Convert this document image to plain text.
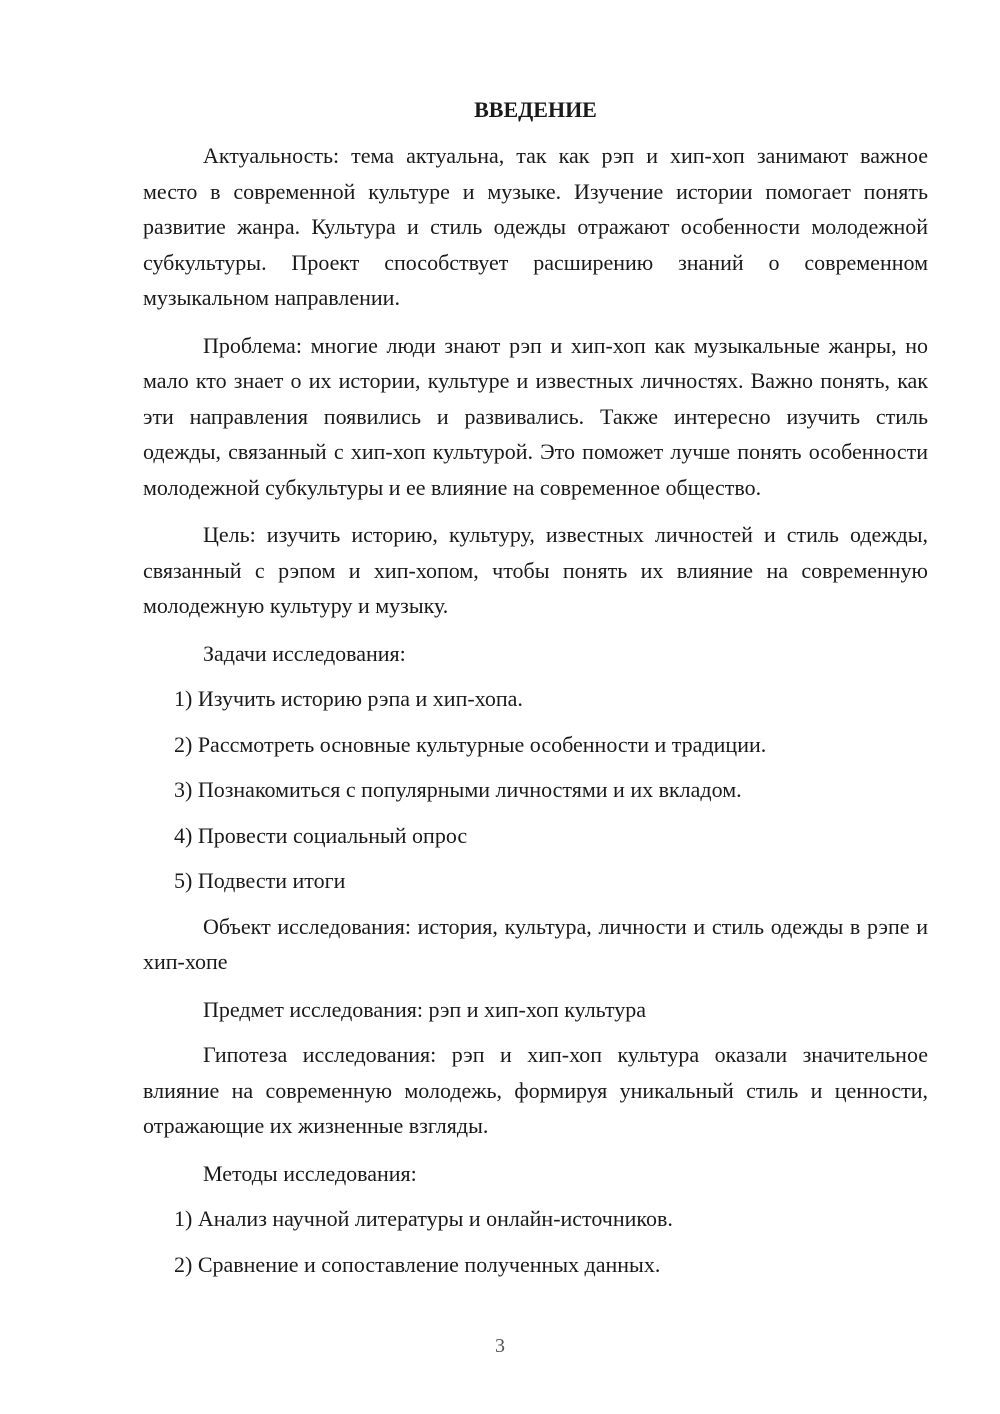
ВВЕДЕНИЕ

Актуальность: тема актуальна, так как рэп и хип-хоп занимают важное место в современной культуре и музыке. Изучение истории помогает понять развитие жанра. Культура и стиль одежды отражают особенности молодежной субкультуры. Проект способствует расширению знаний о современном музыкальном направлении.

Проблема: многие люди знают рэп и хип-хоп как музыкальные жанры, но мало кто знает о их истории, культуре и известных личностях. Важно понять, как эти направления появились и развивались. Также интересно изучить стиль одежды, связанный с хип-хоп культурой. Это поможет лучше понять особенности молодежной субкультуры и ее влияние на современное общество.

Цель: изучить историю, культуру, известных личностей и стиль одежды, связанный с рэпом и хип-хопом, чтобы понять их влияние на современную молодежную культуру и музыку.

Задачи исследования:

1) Изучить историю рэпа и хип-хопа.

2) Рассмотреть основные культурные особенности и традиции.

3) Познакомиться с популярными личностями и их вкладом.

4) Провести социальный опрос

5) Подвести итоги

Объект исследования: история, культура, личности и стиль одежды в рэпе и хип-хопе

Предмет исследования: рэп и хип-хоп культура

Гипотеза исследования: рэп и хип-хоп культура оказали значительное влияние на современную молодежь, формируя уникальный стиль и ценности, отражающие их жизненные взгляды.

Методы исследования:

1) Анализ научной литературы и онлайн-источников.

2) Сравнение и сопоставление полученных данных.

3
